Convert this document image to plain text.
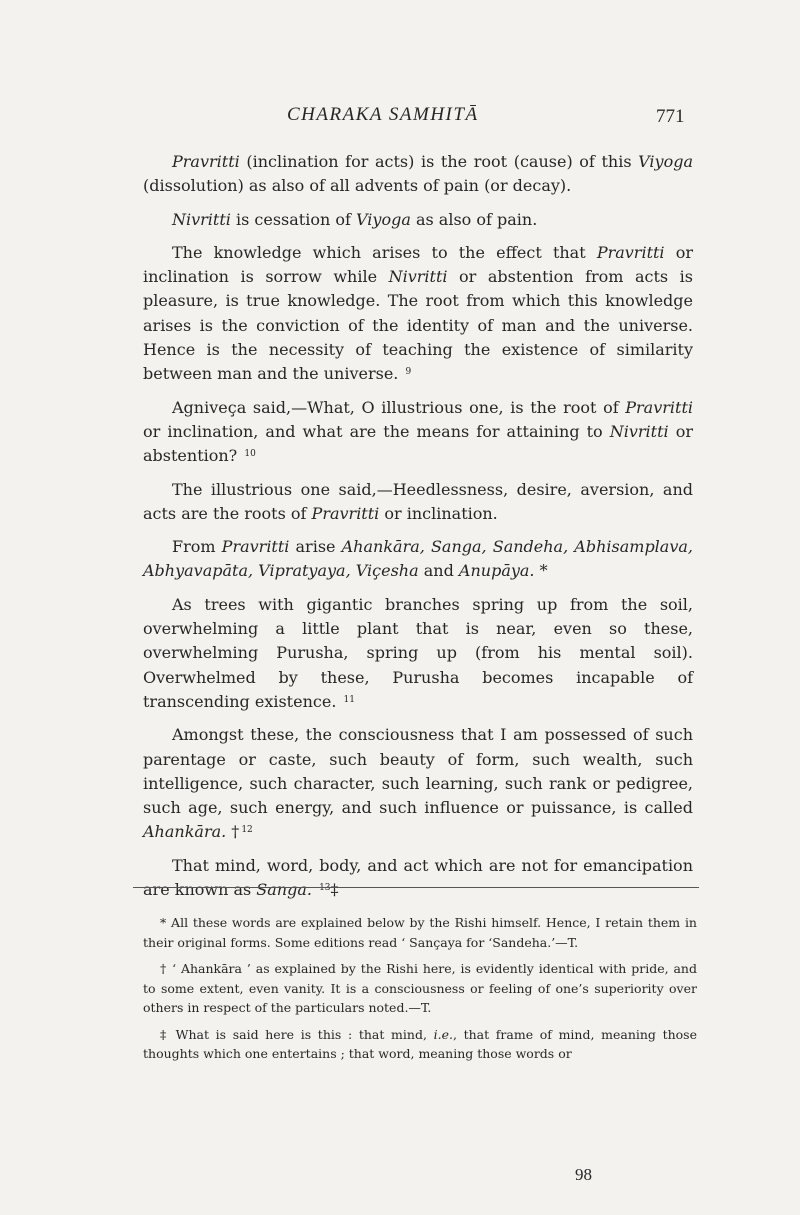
CHARAKA SAMHITĀ	771

Pravritti (inclination for acts) is the root (cause) of this Viyoga (dissolution) as also of all advents of pain (or decay).

Nivritti is cessation of Viyoga as also of pain.

The knowledge which arises to the effect that Pravritti or inclination is sorrow while Nivritti or abstention from acts is pleasure, is true knowledge. The root from which this knowledge arises is the conviction of the identity of man and the universe. Hence is the necessity of teaching the existence of similarity between man and the universe. $^9$

Agniveça said,—What, O illustrious one, is the root of Pravritti or inclination, and what are the means for attaining to Nivritti or abstention? $^{10}$

The illustrious one said,—Heedlessness, desire, aversion, and acts are the roots of Pravritti or inclination.

From Pravritti arise Ahankāra, Sanga, Sandeha, Abhisamplava, Abhyavapāta, Vipratyaya, Viçesha and Anupāya. *

As trees with gigantic branches spring up from the soil, overwhelming a little plant that is near, even so these, overwhelming Purusha, spring up (from his mental soil). Overwhelmed by these, Purusha becomes incapable of transcending existence. $^{11}$

Amongst these, the consciousness that I am possessed of such parentage or caste, such beauty of form, such wealth, such intelligence, such character, such learning, such rank or pedigree, such age, such energy, and such influence or puissance, is called Ahankāra. † $^{12}$

That mind, word, body, and act which are not for emancipation are known as Sanga. $^{13}$‡

* All these words are explained below by the Rishi himself. Hence, I retain them in their original forms. Some editions read ‘ Sançaya for ‘Sandeha.’—T.

† ‘ Ahankāra ’ as explained by the Rishi here, is evidently identical with pride, and to some extent, even vanity. It is a consciousness or feeling of one’s superiority over others in respect of the particulars noted.—T.

‡ What is said here is this : that mind, i.e., that frame of mind, meaning those thoughts which one entertains ; that word, meaning those words or

98
